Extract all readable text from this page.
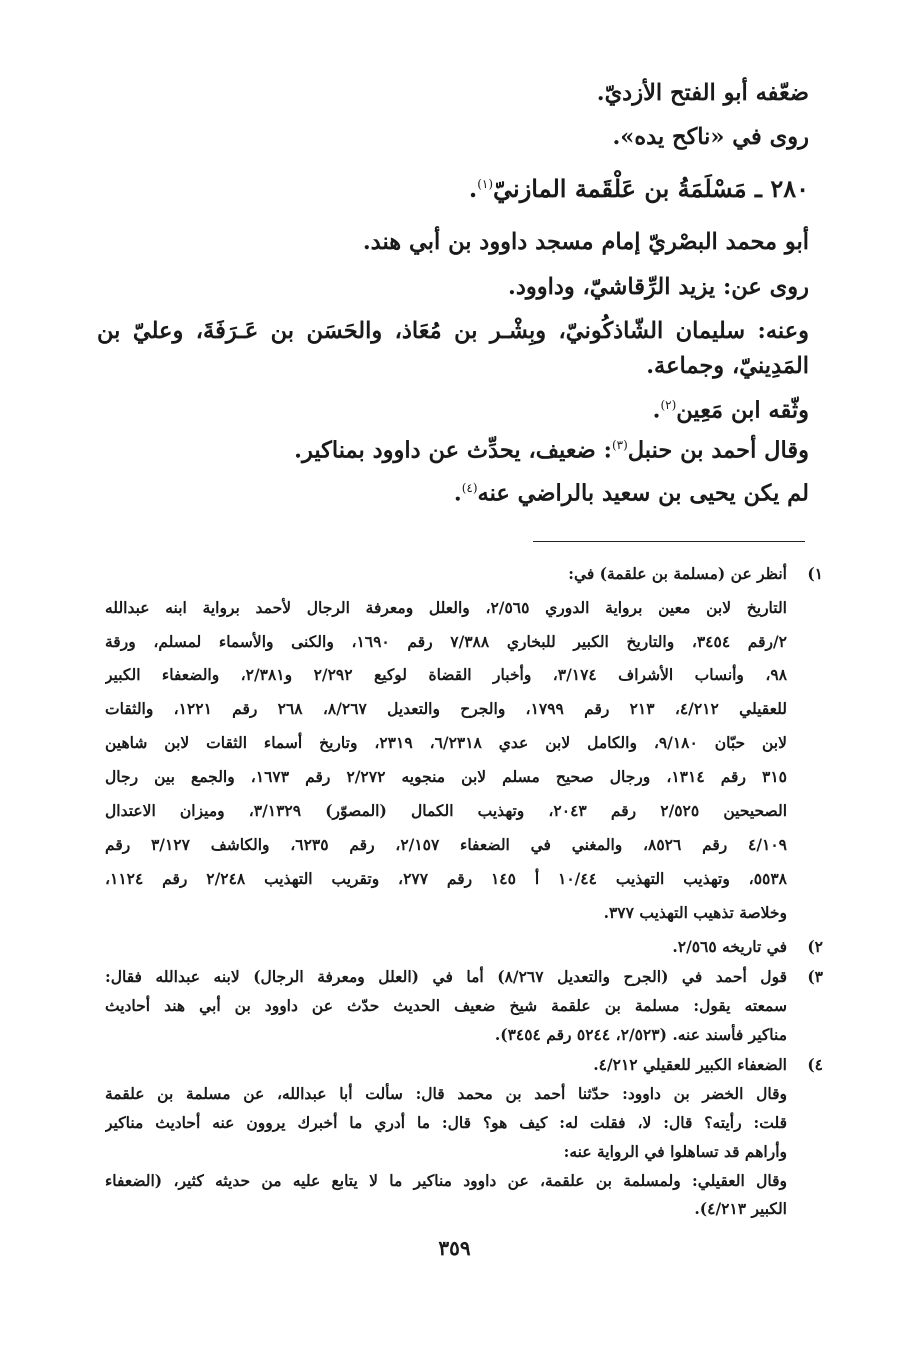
ضعّفه أبو الفتح الأزديّ.
روى في «ناكح يده».
٢٨٠ ـ مَسْلَمَةُ بن عَلْقَمة المازنيّ$^{(١)}$.
أبو محمد البصْريّ إمام مسجد داوود بن أبي هند.
روى عن: يزيد الرِّقاشيّ، وداوود.
وعنه: سليمان الشّاذكُونيّ، وبِشْـر بن مُعَاذ، والحَسَن بن عَـرَفَةَ، وعليّ بن
المَدِينيّ، وجماعة.
وثّقه ابن مَعِين$^{(٢)}$.
وقال أحمد بن حنبل$^{(٣)}$: ضعيف، يحدِّث عن داوود بمناكير.
لم يكن يحيى بن سعيد بالراضي عنه$^{(٤)}$.
١)
أنظر عن (مسلمة بن علقمة) في:
التاريخ لابن معين برواية الدوري ٢/٥٦٥، والعلل ومعرفة الرجال لأحمد برواية ابنه عبدالله
٢/رقم ٣٤٥٤، والتاريخ الكبير للبخاري ٧/٣٨٨ رقم ١٦٩٠، والكنى والأسماء لمسلم، ورقة
٩٨، وأنساب الأشراف ٣/١٧٤، وأخبار القضاة لوكيع ٢/٢٩٢ و٢/٣٨١، والضعفاء الكبير
للعقيلي ٤/٢١٢، ٢١٣ رقم ١٧٩٩، والجرح والتعديل ٨/٢٦٧، ٢٦٨ رقم ١٢٢١، والثقات
لابن حبّان ٩/١٨٠، والكامل لابن عدي ٦/٢٣١٨، ٢٣١٩، وتاريخ أسماء الثقات لابن شاهين
٣١٥ رقم ١٣١٤، ورجال صحيح مسلم لابن منجويه ٢/٢٧٢ رقم ١٦٧٣، والجمع بين رجال
الصحيحين ٢/٥٢٥ رقم ٢٠٤٣، وتهذيب الكمال (المصوّر) ٣/١٣٢٩، وميزان الاعتدال
٤/١٠٩ رقم ٨٥٢٦، والمغني في الضعفاء ٢/١٥٧، رقم ٦٢٣٥، والكاشف ٣/١٢٧ رقم
٥٥٣٨، وتهذيب التهذيب ١٠/٤٤ أ ١٤٥ رقم ٢٧٧، وتقريب التهذيب ٢/٢٤٨ رقم ١١٢٤،
وخلاصة تذهيب التهذيب ٣٧٧.
٢)
في تاريخه ٢/٥٦٥.
٣)
قول أحمد في (الجرح والتعديل ٨/٢٦٧) أما في (العلل ومعرفة الرجال) لابنه عبدالله فقال:
سمعته يقول: مسلمة بن علقمة شيخ ضعيف الحديث حدّث عن داوود بن أبي هند أحاديث
مناكير فأسند عنه. (٢/٥٢٣، ٥٢٤٤ رقم ٣٤٥٤).
٤)
الضعفاء الكبير للعقيلي ٤/٢١٢.
وقال الخضر بن داوود: حدّثنا أحمد بن محمد قال: سألت أبا عبدالله، عن مسلمة بن علقمة
قلت: رأيته؟ قال: لا، فقلت له: كيف هو؟ قال: ما أدري ما أخبرك يروون عنه أحاديث مناكير
وأراهم قد تساهلوا في الرواية عنه:
وقال العقيلي: ولمسلمة بن علقمة، عن داوود مناكير ما لا يتابع عليه من حديثه كثير، (الضعفاء
الكبير ٤/٢١٣).
٣٥٩
